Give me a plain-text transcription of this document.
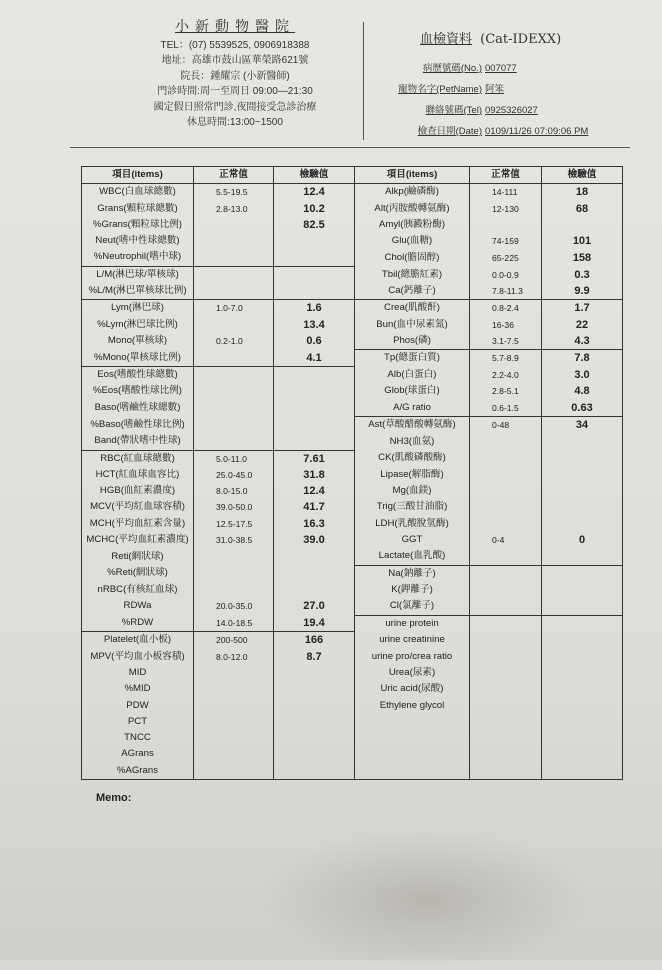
小新動物醫院
TEL：(07) 5539525, 0906918388
地址：高雄市鼓山區華榮路621號
院長：鍾耀宗 (小新醫師)
門診時間:周一至周日 09:00—21:30
國定假日照常門診,夜間接受急診治療
休息時間:13:00~1500
血檢資料 (Cat-IDEXX)
病歷號碼(No.) 007077
寵物名字(PetName) 阿笨
聯絡號碼(Tel) 0925326027
檢查日期(Date) 0109/11/26 07:09:06 PM
項目(items)	正常值	檢驗值	項目(items)	正常值	檢驗值
WBC(白血球總數)	5.5-19.5	12.4	Alkp(鹼磷酶)	14-111	18
Grans(顆粒球總數)	2.8-13.0	10.2	Alt(丙胺酸轉氨酶)	12-130	68
%Grans(顆粒球比例)		82.5	Amyl(胰澱粉酶)		
Neut(嗜中性球總數)			Glu(血糖)	74-159	101
%Neutrophil(嗜中球)			Chol(膽固醇)	65-225	158
L/M(淋巴球/單核球)			Tbil(總膽紅素)	0.0-0.9	0.3
%L/M(淋巴單核球比例)			Ca(鈣離子)	7.8-11.3	9.9
Lym(淋巴球)	1.0-7.0	1.6	Crea(肌酸酐)	0.8-2.4	1.7
%Lym(淋巴球比例)		13.4	Bun(血中尿素氮)	16-36	22
Mono(單核球)	0.2-1.0	0.6	Phos(磷)	3.1-7.5	4.3
%Mono(單核球比例)		4.1	Tp(總蛋白質)	5.7-8.9	7.8
Eos(嗜酸性球總數)			Alb(白蛋白)	2.2-4.0	3.0
%Eos(嗜酸性球比例)			Glob(球蛋白)	2.8-5.1	4.8
Baso(嗜鹼性球總數)			A/G ratio	0.6-1.5	0.63
%Baso(嗜鹼性球比例)			Ast(草酸醋酸轉氨酶)	0-48	34
Band(帶狀嗜中性球)			NH3(血氨)		
RBC(紅血球總數)	5.0-11.0	7.61	CK(肌酸磷酸酶)		
HCT(紅血球血容比)	25.0-45.0	31.8	Lipase(解脂酶)		
HGB(血紅素濃度)	8.0-15.0	12.4	Mg(血鎂)		
MCV(平均紅血球容積)	39.0-50.0	41.7	Trig(三酸甘油脂)		
MCH(平均血紅素含量)	12.5-17.5	16.3	LDH(乳酸脫氫酶)		
MCHC(平均血紅素濃度)	31.0-38.5	39.0	GGT	0-4	0
Reti(網狀球)			Lactate(血乳酸)		
%Reti(網狀球)			Na(鈉離子)		
nRBC(有核紅血球)			K(鉀離子)		
RDWa	20.0-35.0	27.0	Cl(氯離子)		
%RDW	14.0-18.5	19.4	urine protein		
Platelet(血小板)	200-500	166	urine creatinine		
MPV(平均血小板容積)	8.0-12.0	8.7	urine pro/crea ratio		
MID			Urea(尿素)		
%MID			Uric acid(尿酸)		
PDW			Ethylene glycol		
PCT					
TNCC					
AGrans					
%AGrans					
Memo:
